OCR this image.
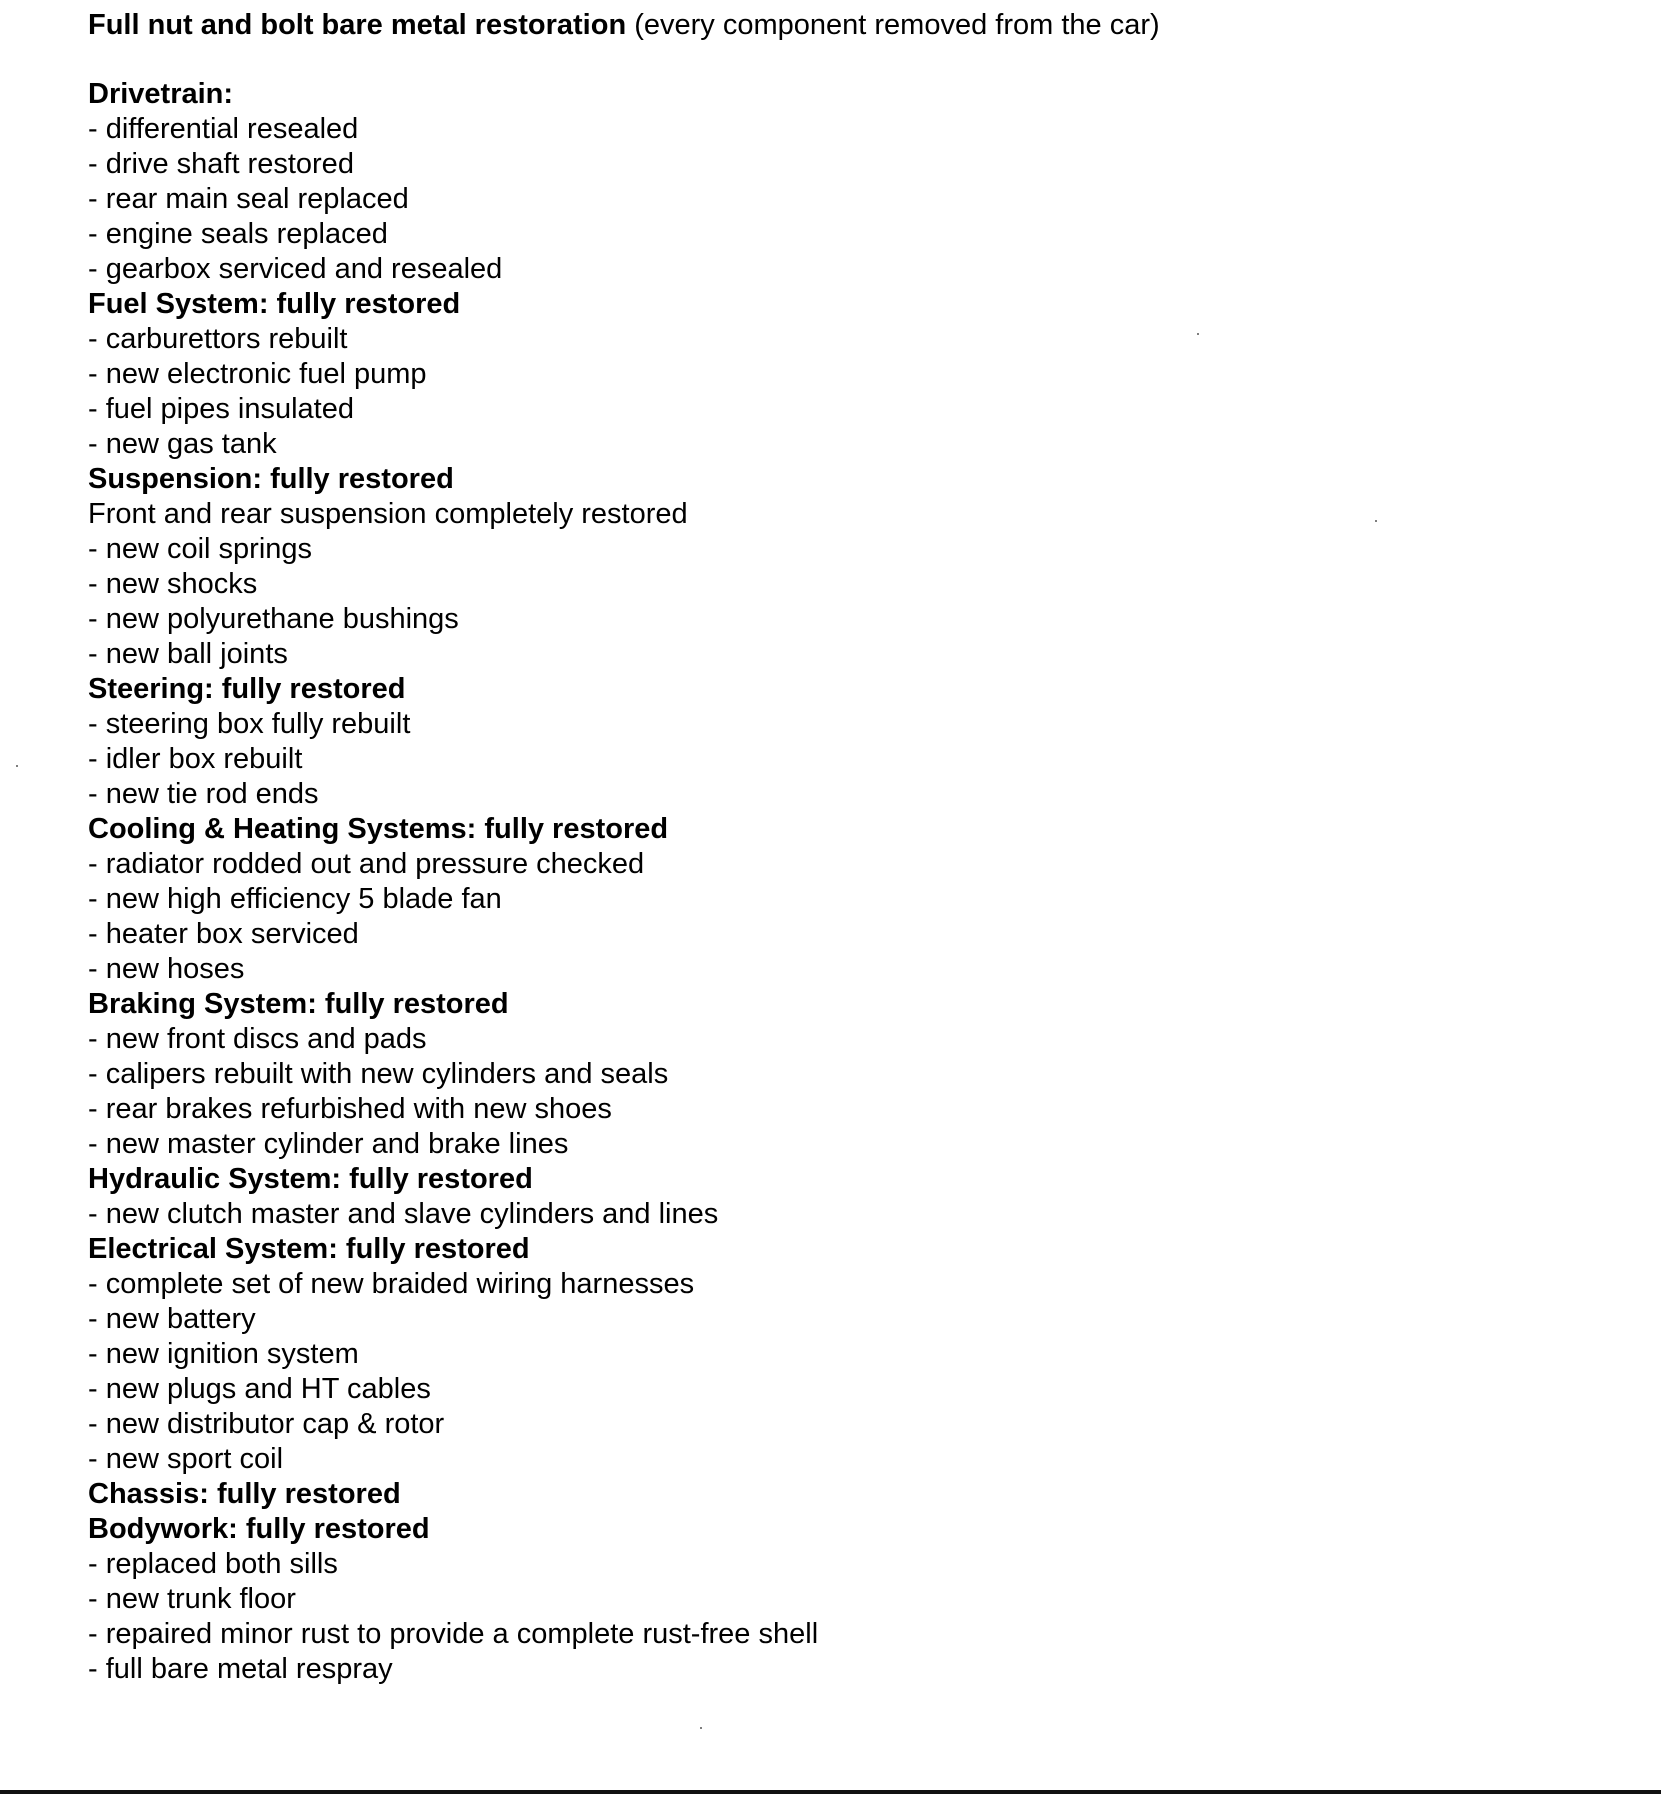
Full nut and bolt bare metal restoration (every component removed from the car)
Drivetrain:
- differential resealed
- drive shaft restored
- rear main seal replaced
- engine seals replaced
- gearbox serviced and resealed
Fuel System: fully restored
- carburettors rebuilt
- new electronic fuel pump
- fuel pipes insulated
- new gas tank
Suspension: fully restored
Front and rear suspension completely restored
- new coil springs
- new shocks
- new polyurethane bushings
- new ball joints
Steering: fully restored
- steering box fully rebuilt
- idler box rebuilt
- new tie rod ends
Cooling & Heating Systems: fully restored
- radiator rodded out and pressure checked
- new high efficiency 5 blade fan
- heater box serviced
- new hoses
Braking System: fully restored
- new front discs and pads
- calipers rebuilt with new cylinders and seals
- rear brakes refurbished with new shoes
- new master cylinder and brake lines
Hydraulic System: fully restored
- new clutch master and slave cylinders and lines
Electrical System: fully restored
- complete set of new braided wiring harnesses
- new battery
- new ignition system
- new plugs and HT cables
- new distributor cap & rotor
- new sport coil
Chassis: fully restored
Bodywork: fully restored
- replaced both sills
- new trunk floor
- repaired minor rust to provide a complete rust-free shell
- full bare metal respray
